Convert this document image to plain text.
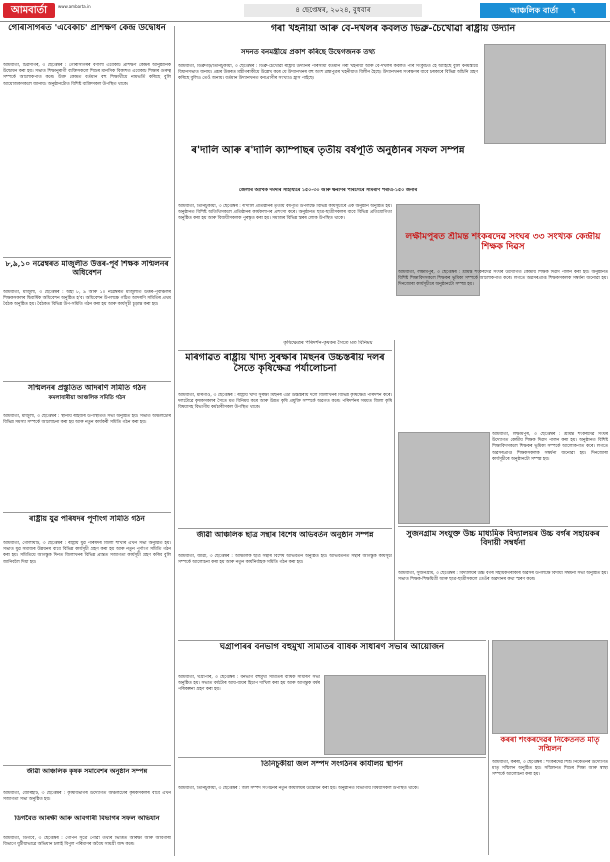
আমবাৰ্তা	www.ambarta.in	৪ ছেপ্তেম্বৰ, ২০২৪, বুধবাৰ	আঞ্চলিক বাৰ্তা ৭
গৌৰীসাগৰত 'এবেকাচ' প্ৰশিক্ষণ কেন্দ্ৰ উদ্বোধন
আমবাৰ্তা, চিৱসাগৰ, ৩ ছেপ্তেম্বৰ : গৌৰীসাগৰৰ বৰ্ণালী এবেকাচ প্ৰশিক্ষণ কেন্দ্ৰৰ আনুষ্ঠানিক উদ্বোধন কৰা হয়। সভাত শিক্ষানুৰাগী ব্যক্তিসকলে শিশুৰ মানসিক বিকাশত এবেকাচ শিক্ষাৰ গুৰুত্ব সম্পৰ্কে আলোকপাত কৰে। উক্ত কেন্দ্ৰত বৰ্তমান বহু শিক্ষাৰ্থীয়ে নামভৰ্তি কৰিছে বুলি আয়োজকসকলে জানায়। অনুষ্ঠানটোত বিশিষ্ট ব্যক্তিসকল উপস্থিত থাকে।
৮,৯,১০ নৱেম্বৰত মাজুলীত উত্তৰ-পূৰ্ব শিক্ষক সন্মিলনৰ অধিবেশন
আমবাৰ্তা, মাজুলী, ৩ ছেপ্তেম্বৰ : অহা ৮, ৯ আৰু ১০ নৱেম্বৰত মাজুলীত উত্তৰ-পূৰ্বাঞ্চলৰ শিক্ষকসকলৰ দ্বিবাৰ্ষিক অধিবেশন অনুষ্ঠিত হ'ব। অধিবেশন উপলক্ষে গঠিত আদৰণি সমিতিৰ প্ৰথম বৈঠক অনুষ্ঠিত হয়। বৈঠকত বিভিন্ন উপ-সমিতি গঠন কৰা হয় আৰু কাৰ্যসূচী চূড়ান্ত কৰা হয়।
সন্মিলনৰ প্ৰস্তুতিত আদৰণি সমিতি গঠন
কমলাবাৰীয়া আঞ্চলিক সমিতি গঠন
আমবাৰ্তা, মাজুলী, ৩ ছেপ্তেম্বৰ : স্থানীয় ৰাইজৰ উপস্থিতিত সভা অনুষ্ঠিত হয়। সভাত অঞ্চলটোৰ বিভিন্ন সমস্যা সম্পৰ্কে আলোচনা কৰা হয় আৰু নতুন কাৰ্যকৰী সমিতি গঠন কৰা হয়।
ৰাষ্ট্ৰীয় যুৱ পৰিষদৰ পূৰ্ণাংগ সমিতি গঠন
আমবাৰ্তা, গোলাঘাট, ৩ ছেপ্তেম্বৰ : ৰাষ্ট্ৰীয় যুৱ পৰিষদৰ জিলা শাখাৰ এখন সভা অনুষ্ঠিত হয়। সভাত যুৱ সমাজৰ উন্নয়নৰ বাবে বিভিন্ন কাৰ্যসূচী গ্ৰহণ কৰা হয় আৰু নতুন পূৰ্ণাংগ সমিতি গঠন কৰা হয়। সমিতিয়ে আগন্তুক দিনত জিলাখনৰ বিভিন্ন প্ৰান্তত সজাগতা কাৰ্যসূচী গ্ৰহণ কৰিব বুলি জানিবলৈ দিয়া হয়।
জীৱী আঞ্চলিক কৃষক সমাবেশৰ অনুষ্ঠান সম্পন্ন
আমবাৰ্তা, জোৰহাট, ৩ ছেপ্তেম্বৰ : কৃষিবিভাগৰ উদ্যোগত অঞ্চলটোৰ কৃষকসকলৰ বাবে এখন সজাগতা সভা অনুষ্ঠিত হয়।
ডিগবৈত আৰক্ষী আৰু আবগাৰী বিভাগৰ সফল অভিযান
আমবাৰ্তা, ডিগবৈ, ৩ ছেপ্তেম্বৰ : গোপন সূত্ৰে পোৱা তথ্যৰ ভিত্তিত আৰক্ষী আৰু আবগাৰী বিভাগে যুটীয়াভাৱে অভিযান চলাই বিপুল পৰিমাণৰ অবৈধ সামগ্ৰী জব্দ কৰে।
গৰা খহনীয়া আৰু বে-দখলৰ কবলত ভিব্ৰু-চৈখোৱা ৰাষ্ট্ৰীয় উদ্যান
সদনত বনমন্ত্ৰীয়ে প্ৰকাশ কৰিছে উদ্বেগজনক তথ্য
আমবাৰ্তা, ডিব্ৰুগড়/তিনিচুকীয়া, ৩ ছেপ্তেম্বৰ : ডিব্ৰু-চৈখোৱা ৰাষ্ট্ৰীয় উদ্যানৰ পৰিসীমা বৰ্তমান গৰা খহনীয়া আৰু বে-দখলৰ কবলত পৰি সংকুচিত হৈ আহিছে বুলি বনমন্ত্ৰীয়ে বিধানসভাত জনায়। প্ৰশ্নৰ উত্তৰত মন্ত্ৰীগৰাকীয়ে উল্লেখ কৰে যে উদ্যানখনৰ বহু অংশ ব্ৰহ্মপুত্ৰৰ খহনীয়াত বিলীন হৈছে। উদ্যানখনৰ সংৰক্ষণৰ বাবে চৰকাৰে বিভিন্ন আঁচনি গ্ৰহণ কৰিছে বুলিও তেওঁ জনায়। বৰ্তমান উদ্যানখনত বন্যপ্ৰাণীৰ সংখ্যাও হ্ৰাস পাইছে।
ৰ'দালি আৰু ৰ'দালি ক্যাম্পাছৰ তৃতীয় বৰ্ষপূৰ্তি অনুষ্ঠানৰ সফল সম্পন্ন
জেলাৰ আৰ্থিক দমদীৰ সাহায্যৰে ১৫০-৩০ আৰু ক্ষৰণিৰ পৰিসেৰে সামৰণি পৰাএ-১৫০ জনাৰ
আমবাৰ্তা, তিনিচুকীয়া, ৩ ছেপ্তেম্বৰ : ৰ'দালি প্ৰতিষ্ঠানৰ তৃতীয় বৰ্ষপূৰ্তি উপলক্ষে বিভিন্ন কাৰ্যসূচীৰে এক অনুষ্ঠান অনুষ্ঠিত হয়। অনুষ্ঠানত বিশিষ্ট অতিথিসকলে প্ৰতিষ্ঠানৰ কাৰ্যকলাপৰ প্ৰশংসা কৰে। অনুষ্ঠানত ছাত্ৰ-ছাত্ৰীসকলৰ বাবে বিভিন্ন প্ৰতিযোগিতা অনুষ্ঠিত কৰা হয় আৰু বিজয়ীসকলক পুৰস্কৃত কৰা হয়। সমাজৰ বিভিন্ন স্তৰৰ লোক উপস্থিত থাকে।
কৃষিক্ষেত্ৰৰ পৰিদৰ্শন-কৃষকৰ সৈতে মত বিনিময়
লক্ষীমপুৰত শ্ৰীমন্ত শংকৰদেৱ সংঘৰ ৩৩ সংখ্যক কেন্দ্ৰীয় শিক্ষক দিৱস
আমবাৰ্তা, লক্ষীমপুৰ, ৩ ছেপ্তেম্বৰ : শ্ৰীমন্ত শংকৰদেৱ সংঘৰ উদ্যোগত কেন্দ্ৰীয় শিক্ষক দিৱস পালন কৰা হয়। অনুষ্ঠানত বিশিষ্ট শিক্ষাবিদসকলে শিক্ষকৰ ভূমিকা সম্পৰ্কে আলোকপাত কৰে। লগতে অৱসৰপ্ৰাপ্ত শিক্ষকসকলক সম্বৰ্ধনা জনোৱা হয়। দিনজোৰা কাৰ্যসূচীৰে অনুষ্ঠানটো সম্পন্ন হয়।
মৰিগাঁৱত ৰাষ্ট্ৰীয় খাদ্য সুৰক্ষাৰ মিছনৰ উচ্চস্তৰীয় দলৰ সৈতে কৃষিক্ষেত্ৰ পৰ্যালোচনা
আমবাৰ্তা, মৰিগাঁও, ৩ ছেপ্তেম্বৰ : ৰাষ্ট্ৰীয় খাদ্য সুৰক্ষা মিছনৰ এটা উচ্চস্তৰীয় দলে জিলাখনৰ বিভিন্ন কৃষিক্ষেত্ৰ পৰিদৰ্শন কৰে। দলটোৱে কৃষকসকলৰ সৈতে মত বিনিময় কৰে আৰু উন্নত কৃষি প্ৰযুক্তি সম্পৰ্কে অৱগত কৰে। পৰিদৰ্শনৰ সময়ত জিলা কৃষি বিষয়াসহ বিভাগীয় কৰ্মচাৰীসকল উপস্থিত থাকে।
আমবাৰ্তা, লক্ষীমপুৰ, ৩ ছেপ্তেম্বৰ : শ্ৰীমন্ত শংকৰদেৱ সংঘৰ উদ্যোগত কেন্দ্ৰীয় শিক্ষক দিৱস পালন কৰা হয়। অনুষ্ঠানত বিশিষ্ট শিক্ষাবিদসকলে শিক্ষকৰ ভূমিকা সম্পৰ্কে আলোকপাত কৰে। লগতে অৱসৰপ্ৰাপ্ত শিক্ষকসকলক সম্বৰ্ধনা জনোৱা হয়। দিনজোৰা কাৰ্যসূচীৰে অনুষ্ঠানটো সম্পন্ন হয়।
জীৱী আঞ্চলিক ছাত্ৰ সন্থাৰ বিশেষ অভিবৰ্তন অনুষ্ঠান সম্পন্ন
আমবাৰ্তা, জীৱী, ৩ ছেপ্তেম্বৰ : আঞ্চলিক ছাত্ৰ সন্থাৰ বিশেষ অভিবৰ্তন অনুষ্ঠিত হয়। অভিবৰ্তনত সন্থাৰ আগন্তুক কাৰ্যসূচী সম্পৰ্কে আলোচনা কৰা হয় আৰু নতুন কাৰ্যনিৰ্বাহক সমিতি গঠন কৰা হয়।
সুজনগ্ৰাম সংযুক্ত উচ্চ মাধ্যমিক বিদ্যালয়ৰ উচ্চ বৰ্গৰ সহায়কৰ বিদায়ী সম্বৰ্ধনা
আমবাৰ্তা, সুজনগ্ৰাম, ৩ ছেপ্তেম্বৰ : বিদ্যালয়ৰ উচ্চ বৰ্গৰ সহায়কগৰাকীৰ অৱসৰ উপলক্ষে বিদায়ী সম্বৰ্ধনা সভা অনুষ্ঠিত হয়। সভাত শিক্ষক-শিক্ষয়িত্ৰী আৰু ছাত্ৰ-ছাত্ৰীসকলে তেওঁৰ অৱদানৰ কথা স্মৰণ কৰে।
ঘগ্ৰাপাৰৰ বনভাগ বহুমুখী সমিতিৰ বাৰ্ষিক সাধাৰণ সভাৰ আয়োজন
আমবাৰ্তা, ঘগ্ৰাপাৰ, ৩ ছেপ্তেম্বৰ : বনভাগ বহুমুখী সমিতিৰ বাৰ্ষিক সাধাৰণ সভা অনুষ্ঠিত হয়। সভাত বৰ্ষটোৰ আয়-ব্যয়ৰ হিচাপ দাখিল কৰা হয় আৰু আগন্তুক বৰ্ষৰ পৰিকল্পনা গ্ৰহণ কৰা হয়।
তিনিচুকীয়া জল সম্পদ সংগঠনৰ কাৰ্যালয় স্থাপন
আমবাৰ্তা, তিনিচুকীয়া, ৩ ছেপ্তেম্বৰ : জল সম্পদ সংগঠনৰ নতুন কাৰ্যালয়ৰ উদ্বোধন কৰা হয়। অনুষ্ঠানত বিভাগীয় বিষয়াসকল উপস্থিত থাকে।
কৰৰা শংকৰদেৱৰ নিকেতনত মাতৃ সন্মিলন
আমবাৰ্তা, কৰৰা, ৩ ছেপ্তেম্বৰ : শংকৰদেৱ শিশু নিকেতনৰ উদ্যোগত মাতৃ সন্মিলন অনুষ্ঠিত হয়। সন্মিলনত শিশুৰ শিক্ষা আৰু স্বাস্থ্য সম্পৰ্কে আলোচনা কৰা হয়।
